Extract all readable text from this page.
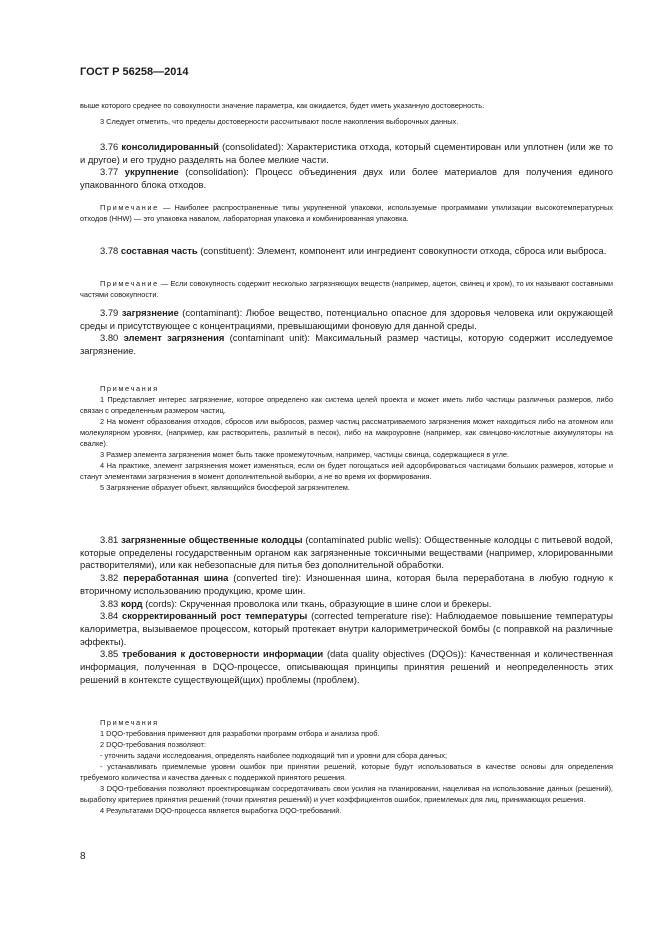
ГОСТ Р 56258—2014

выше которого среднее по совокупности значение параметра, как ожидается, будет иметь указанную достоверность.

3 Следует отметить, что пределы достоверности рассчитывают после накопления выборочных данных.

3.76 консолидированный (consolidated): Характеристика отхода, который сцементирован или уплотнен (или же то и другое) и его трудно разделять на более мелкие части.

3.77 укрупнение (consolidation): Процесс объединения двух или более материалов для получения единого упакованного блока отходов.

Примечание — Наиболее распространенные типы укрупненной упаковки, используемые программами утилизации высокотемпературных отходов (HHW) — это упаковка навалом, лабораторная упаковка и комбинированная упаковка.

3.78 составная часть (constituent): Элемент, компонент или ингредиент совокупности отхода, сброса или выброса.

Примечание — Если совокупность содержит несколько загрязняющих веществ (например, ацетон, свинец и хром), то их называют составными частями совокупности.

3.79 загрязнение (contaminant): Любое вещество, потенциально опасное для здоровья человека или окружающей среды и присутствующее с концентрациями, превышающими фоновую для данной среды.

3.80 элемент загрязнения (contaminant unit): Максимальный размер частицы, которую содержит исследуемое загрязнение.

Примечания

1 Представляет интерес загрязнение, которое определено как система целей проекта и может иметь либо частицы различных размеров, либо связан с определенным размером частиц.

2 На момент образования отходов, сбросов или выбросов, размер частиц рассматриваемого загрязнения может находиться либо на атомном или молекулярном уровнях, (например, как растворитель, разлитый в песок), либо на макроуровне (например, как свинцово-кислотные аккумуляторы на свалке).

3 Размер элемента загрязнения может быть также промежуточным, например, частицы свинца, содержащиеся в угле.

4 На практике, элемент загрязнения может изменяться, если он будет погощаться ией адсорбироваться частицами больших размеров, которые и станут элементами загрязнения в момент дополнительной выборки, а не во время их формирования.

5 Загрязнение образует объект, являющийся биосферой загрязнителем.

3.81 загрязненные общественные колодцы (contaminated public wells): Общественные колодцы с питьевой водой, которые определены государственным органом как загрязненные токсичными веществами (например, хлорированными растворителями), или как небезопасные для питья без дополнительной обработки.

3.82 переработанная шина (converted tire): Изношенная шина, которая была переработана в любую годную к вторичному использованию продукцию, кроме шин.

3.83 корд (cords): Скрученная проволока или ткань, образующие в шине слои и брекеры.

3.84 скорректированный рост температуры (corrected temperature rise): Наблюдаемое повышение температуры калориметра, вызываемое процессом, который протекает внутри калориметрической бомбы (с поправкой на различные эффекты).

3.85 требования к достоверности информации (data quality objectives (DQOs)): Качественная и количественная информация, полученная в DQO-процессе, описывающая принципы принятия решений и неопределенность этих решений в контексте существующей(щих) проблемы (проблем).

Примечания

1 DQO-требования применяют для разработки программ отбора и анализа проб.

2 DQO-требования позволяют:

- уточнить задачи исследования, определять наиболее подходящий тип и уровни для сбора данных;

- устанавливать приемлемые уровни ошибок при принятии решений, которые будут использоваться в качестве основы для определения требуемого количества и качества данных с поддержкой принятого решения.

3 DQO-требования позволяют проектировщикам сосредотачивать свои усилия на планировании, нацеливая на использование данных (решений), выработку критериев принятия решений (точки принятия решений) и учет коэффициентов ошибок, приемлемых для лиц, принимающих решения.

4 Результатами DQO-процесса является выработка DQO-требований.

8
